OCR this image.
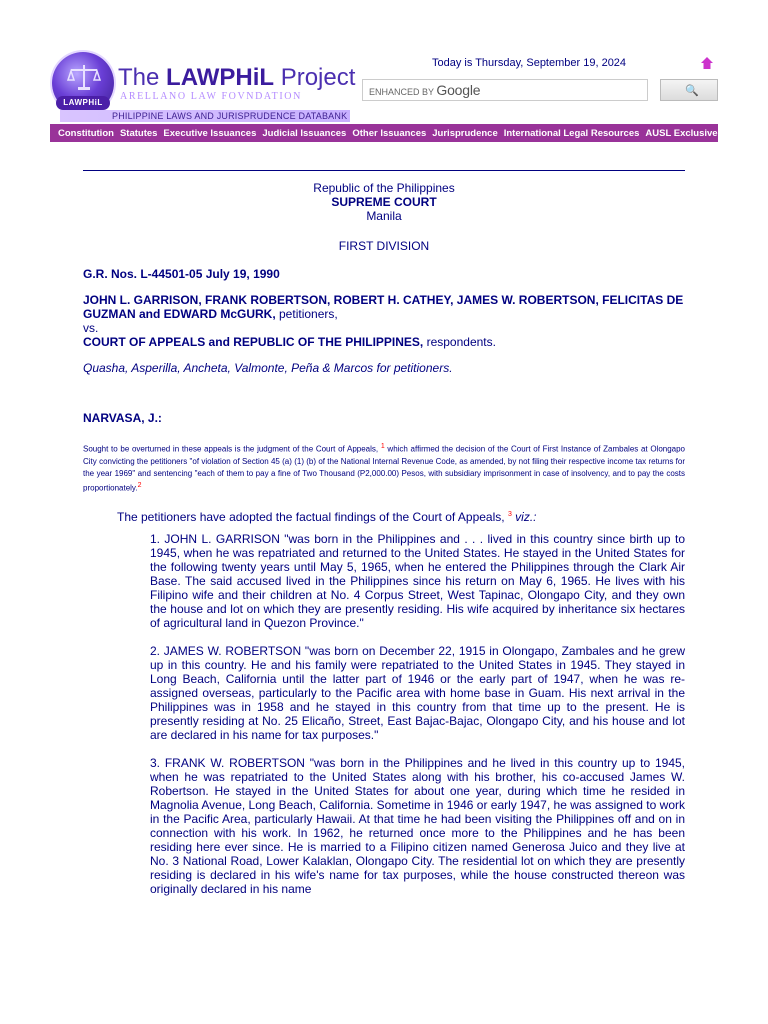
LAWPHiL
The LAWPHiL Project
ARELLANO LAW FOVNDATION
PHILIPPINE LAWS AND JURISPRUDENCE DATABANK
Today is Thursday, September 19, 2024
ENHANCED BY Google	🔍
Constitution Statutes Executive Issuances Judicial Issuances Other Issuances Jurisprudence International Legal Resources AUSL Exclusive
Republic of the Philippines
SUPREME COURT
Manila
FIRST DIVISION

G.R. Nos. L-44501-05 July 19, 1990

JOHN L. GARRISON, FRANK ROBERTSON, ROBERT H. CATHEY, JAMES W. ROBERTSON, FELICITAS DE GUZMAN and EDWARD McGURK, petitioners,
vs.
COURT OF APPEALS and REPUBLIC OF THE PHILIPPINES, respondents.

Quasha, Asperilla, Ancheta, Valmonte, Peña & Marcos for petitioners.

NARVASA, J.:

Sought to be overturned in these appeals is the judgment of the Court of Appeals, $^1$ which affirmed the decision of the Court of First Instance of Zambales at Olongapo City convicting the petitioners "of violation of Section 45 (a) (1) (b) of the National Internal Revenue Code, as amended, by not filing their respective income tax returns for the year 1969" and sentencing "each of them to pay a fine of Two Thousand (P2,000.00) Pesos, with subsidiary imprisonment in case of insolvency, and to pay the costs proportionately.$^2$

The petitioners have adopted the factual findings of the Court of Appeals, $^3$ viz.:

1. JOHN L. GARRISON "was born in the Philippines and . . . lived in this country since birth up to 1945, when he was repatriated and returned to the United States. He stayed in the United States for the following twenty years until May 5, 1965, when he entered the Philippines through the Clark Air Base. The said accused lived in the Philippines since his return on May 6, 1965. He lives with his Filipino wife and their children at No. 4 Corpus Street, West Tapinac, Olongapo City, and they own the house and lot on which they are presently residing. His wife acquired by inheritance six hectares of agricultural land in Quezon Province."

2. JAMES W. ROBERTSON "was born on December 22, 1915 in Olongapo, Zambales and he grew up in this country. He and his family were repatriated to the United States in 1945. They stayed in Long Beach, California until the latter part of 1946 or the early part of 1947, when he was re-assigned overseas, particularly to the Pacific area with home base in Guam. His next arrival in the Philippines was in 1958 and he stayed in this country from that time up to the present. He is presently residing at No. 25 Elicaño, Street, East Bajac-Bajac, Olongapo City, and his house and lot are declared in his name for tax purposes."

3. FRANK W. ROBERTSON "was born in the Philippines and he lived in this country up to 1945, when he was repatriated to the United States along with his brother, his co-accused James W. Robertson. He stayed in the United States for about one year, during which time he resided in Magnolia Avenue, Long Beach, California. Sometime in 1946 or early 1947, he was assigned to work in the Pacific Area, particularly Hawaii. At that time he had been visiting the Philippines off and on in connection with his work. In 1962, he returned once more to the Philippines and he has been residing here ever since. He is married to a Filipino citizen named Generosa Juico and they live at No. 3 National Road, Lower Kalaklan, Olongapo City. The residential lot on which they are presently residing is declared in his wife's name for tax purposes, while the house constructed thereon was originally declared in his name
